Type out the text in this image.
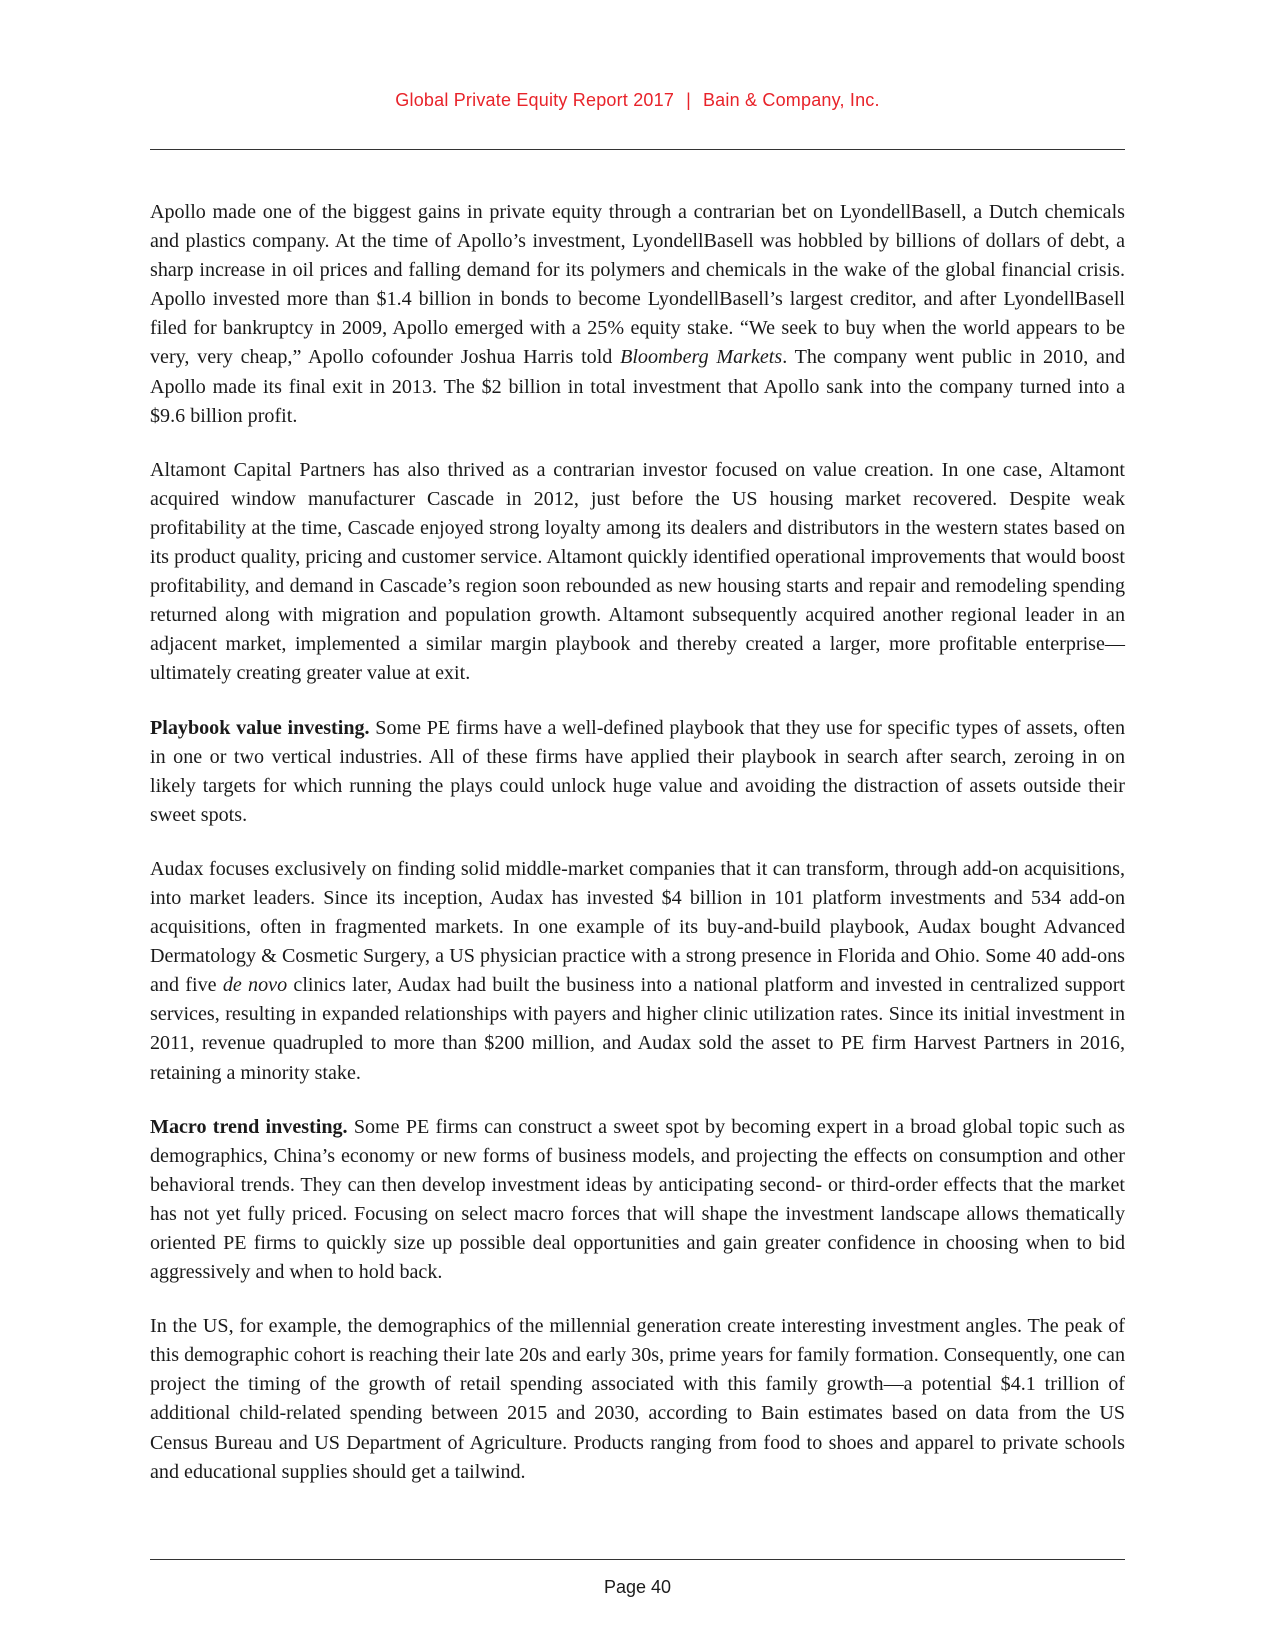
Global Private Equity Report 2017 | Bain & Company, Inc.

Apollo made one of the biggest gains in private equity through a contrarian bet on LyondellBasell, a Dutch chemicals and plastics company. At the time of Apollo’s investment, LyondellBasell was hobbled by billions of dollars of debt, a sharp increase in oil prices and falling demand for its polymers and chemicals in the wake of the global financial crisis. Apollo invested more than $1.4 billion in bonds to become LyondellBasell’s largest creditor, and after LyondellBasell filed for bankruptcy in 2009, Apollo emerged with a 25% equity stake. “We seek to buy when the world appears to be very, very cheap,” Apollo cofounder Joshua Harris told Bloomberg Markets. The company went public in 2010, and Apollo made its final exit in 2013. The $2 billion in total investment that Apollo sank into the company turned into a $9.6 billion profit.

Altamont Capital Partners has also thrived as a contrarian investor focused on value creation. In one case, Altamont acquired window manufacturer Cascade in 2012, just before the US housing market recovered. Despite weak profitability at the time, Cascade enjoyed strong loyalty among its dealers and distributors in the western states based on its product quality, pricing and customer service. Altamont quickly identified operational improvements that would boost profitability, and demand in Cascade’s region soon rebounded as new housing starts and repair and remodeling spending returned along with migration and population growth. Altamont subsequently acquired another regional leader in an adjacent market, implemented a similar margin playbook and thereby created a larger, more profitable enterprise—ultimately creating greater value at exit.

Playbook value investing. Some PE firms have a well-defined playbook that they use for specific types of assets, often in one or two vertical industries. All of these firms have applied their playbook in search after search, zeroing in on likely targets for which running the plays could unlock huge value and avoiding the distraction of assets outside their sweet spots.

Audax focuses exclusively on finding solid middle-market companies that it can transform, through add-on acquisitions, into market leaders. Since its inception, Audax has invested $4 billion in 101 platform investments and 534 add-on acquisitions, often in fragmented markets. In one example of its buy-and-build playbook, Audax bought Advanced Dermatology & Cosmetic Surgery, a US physician practice with a strong presence in Florida and Ohio. Some 40 add-ons and five de novo clinics later, Audax had built the business into a national platform and invested in centralized support services, resulting in expanded relationships with payers and higher clinic utilization rates. Since its initial investment in 2011, revenue quadrupled to more than $200 million, and Audax sold the asset to PE firm Harvest Partners in 2016, retaining a minority stake.

Macro trend investing. Some PE firms can construct a sweet spot by becoming expert in a broad global topic such as demographics, China’s economy or new forms of business models, and projecting the effects on consumption and other behavioral trends. They can then develop investment ideas by anticipating second- or third-order effects that the market has not yet fully priced. Focusing on select macro forces that will shape the investment landscape allows thematically oriented PE firms to quickly size up possible deal opportunities and gain greater confidence in choosing when to bid aggressively and when to hold back.

In the US, for example, the demographics of the millennial generation create interesting investment angles. The peak of this demographic cohort is reaching their late 20s and early 30s, prime years for family formation. Consequently, one can project the timing of the growth of retail spending associated with this family growth—a potential $4.1 trillion of additional child-related spending between 2015 and 2030, according to Bain estimates based on data from the US Census Bureau and US Department of Agriculture. Products ranging from food to shoes and apparel to private schools and educational supplies should get a tailwind.

Page 40
